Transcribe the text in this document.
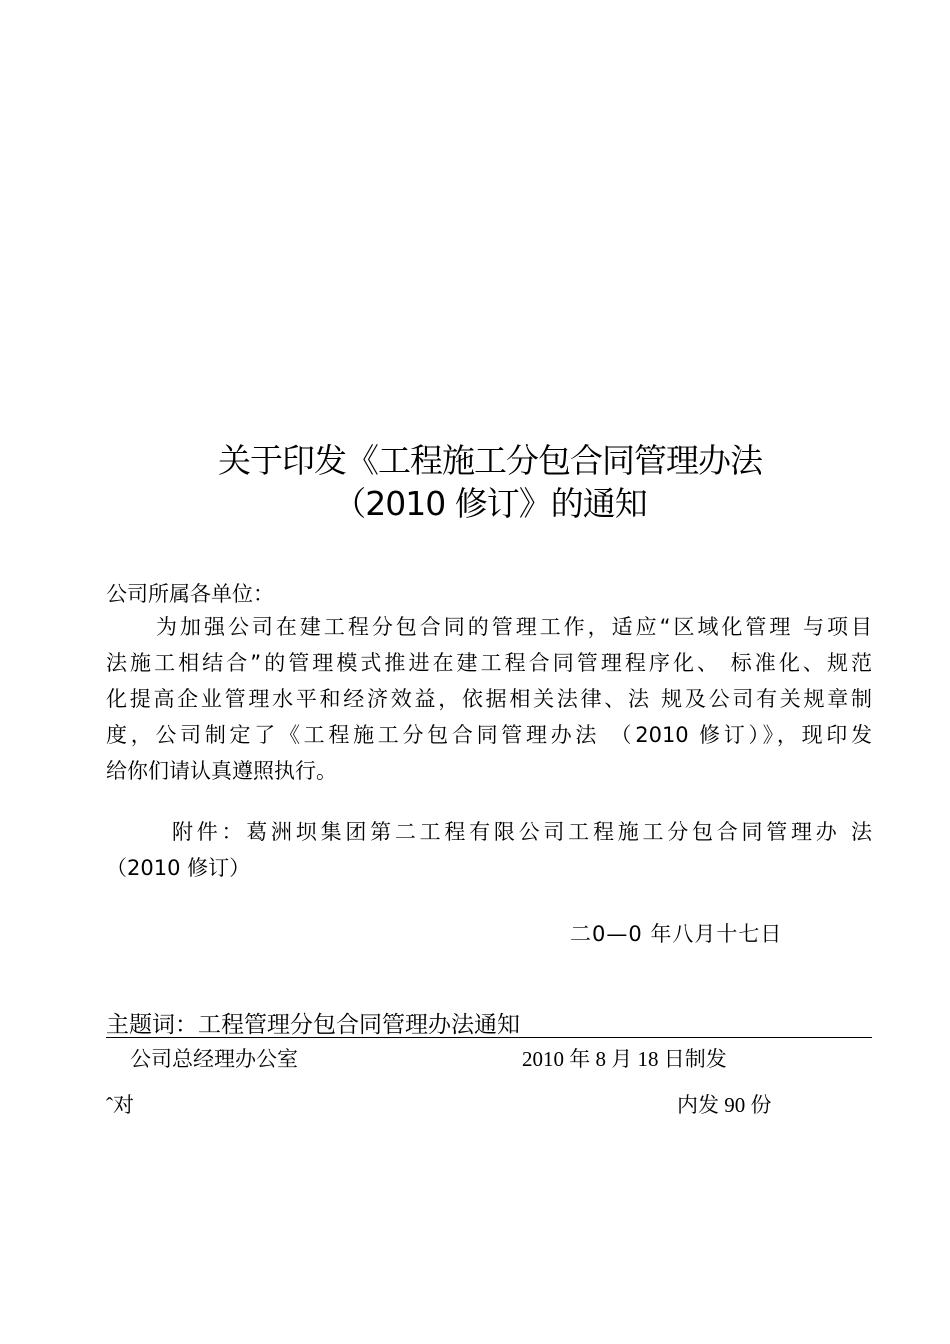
关于印发《工程施工分包合同管理办法
（2010 修订》的通知

公司所属各单位：

为加强公司在建工程分包合同的管理工作，适应“区域化管理 与项目
法施工相结合”的管理模式推进在建工程合同管理程序化、 标准化、规范
化提高企业管理水平和经济效益，依据相关法律、法 规及公司有关规章制
度，公司制定了《工程施工分包合同管理办法 （2010 修订）》，现印发
给你们请认真遵照执行。
附件：葛洲坝集团第二工程有限公司工程施工分包合同管理办 法
（2010 修订）

二0—0 年八月十七日

主题词：工程管理分包合同管理办法通知

公司总经理办公室	2010 年 8 月 18 日制发

ˆ对	内发 90 份
